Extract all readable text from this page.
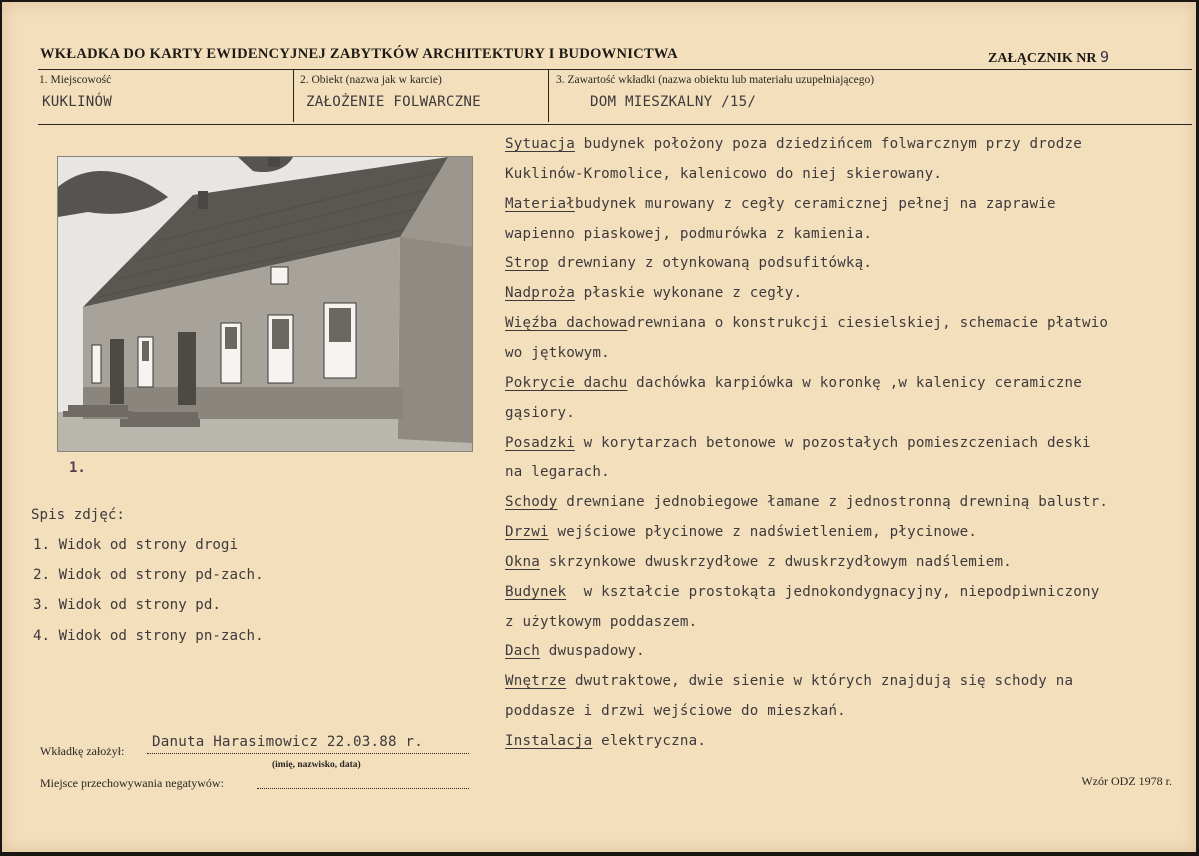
WKŁADKA DO KARTY EWIDENCYJNEJ ZABYTKÓW ARCHITEKTURY I BUDOWNICTWA	ZAŁĄCZNIK NR 9
1. Miejscowość
KUKLINÓW
2. Obiekt (nazwa jak w karcie)
ZAŁOŻENIE FOLWARCZNE
3. Zawartość wkładki (nazwa obiektu lub materiału uzupełniającego)
DOM MIESZKALNY /15/
1.
Spis zdjęć:
1. Widok od strony drogi
2. Widok od strony pd-zach.
3. Widok od strony pd.
4. Widok od strony pn-zach.
Sytuacja budynek położony poza dziedzińcem folwarcznym przy drodze
Kuklinów-Kromolice, kalenicowo do niej skierowany.
Materiałbudynek murowany z cegły ceramicznej pełnej na zaprawie
wapienno piaskowej, podmurówka z kamienia.
Strop drewniany z otynkowaną podsufitówką.
Nadproża płaskie wykonane z cegły.
Więźba dachowadrewniana o konstrukcji ciesielskiej, schemacie płatwio
wo jętkowym.
Pokrycie dachu dachówka karpiówka w koronkę ,w kalenicy ceramiczne
gąsiory.
Posadzki w korytarzach betonowe w pozostałych pomieszczeniach deski
na legarach.
Schody drewniane jednobiegowe łamane z jednostronną drewniną balustr.
Drzwi wejściowe płycinowe z nadświetleniem, płycinowe.
Okna skrzynkowe dwuskrzydłowe z dwuskrzydłowym nadślemiem.
Budynek  w kształcie prostokąta jednokondygnacyjny, niepodpiwniczony
z użytkowym poddaszem.
Dach dwuspadowy.
Wnętrze dwutraktowe, dwie sienie w których znajdują się schody na
poddasze i drzwi wejściowe do mieszkań.
Instalacja elektryczna.
Wkładkę założył:
Danuta Harasimowicz 22.03.88 r.
(imię, nazwisko, data)
Miejsce przechowywania negatywów:	Wzór ODZ 1978 r.
